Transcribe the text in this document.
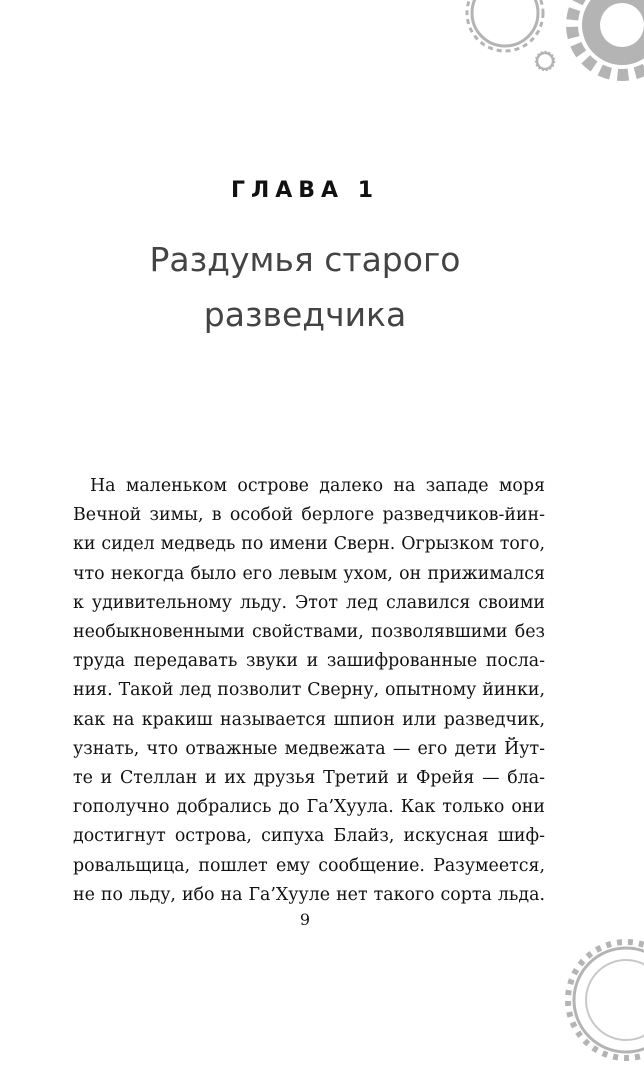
ГЛАВА 1
Раздумья старого
разведчика

На маленьком острове далеко на западе моря
Вечной зимы, в особой берлоге разведчиков-йин-
ки сидел медведь по имени Сверн. Огрызком того,
что некогда было его левым ухом, он прижимался
к удивительному льду. Этот лед славился своими
необыкновенными свойствами, позволявшими без
труда передавать звуки и зашифрованные посла-
ния. Такой лед позволит Сверну, опытному йинки,
как на кракиш называется шпион или разведчик,
узнать, что отважные медвежата — его дети Йут-
те и Стеллан и их друзья Третий и Фрейя — бла-
гополучно добрались до Га’Хуула. Как только они
достигнут острова, сипуха Блайз, искусная шиф-
ровальщица, пошлет ему сообщение. Разумеется,
не по льду, ибо на Га’Хууле нет такого сорта льда.

9
